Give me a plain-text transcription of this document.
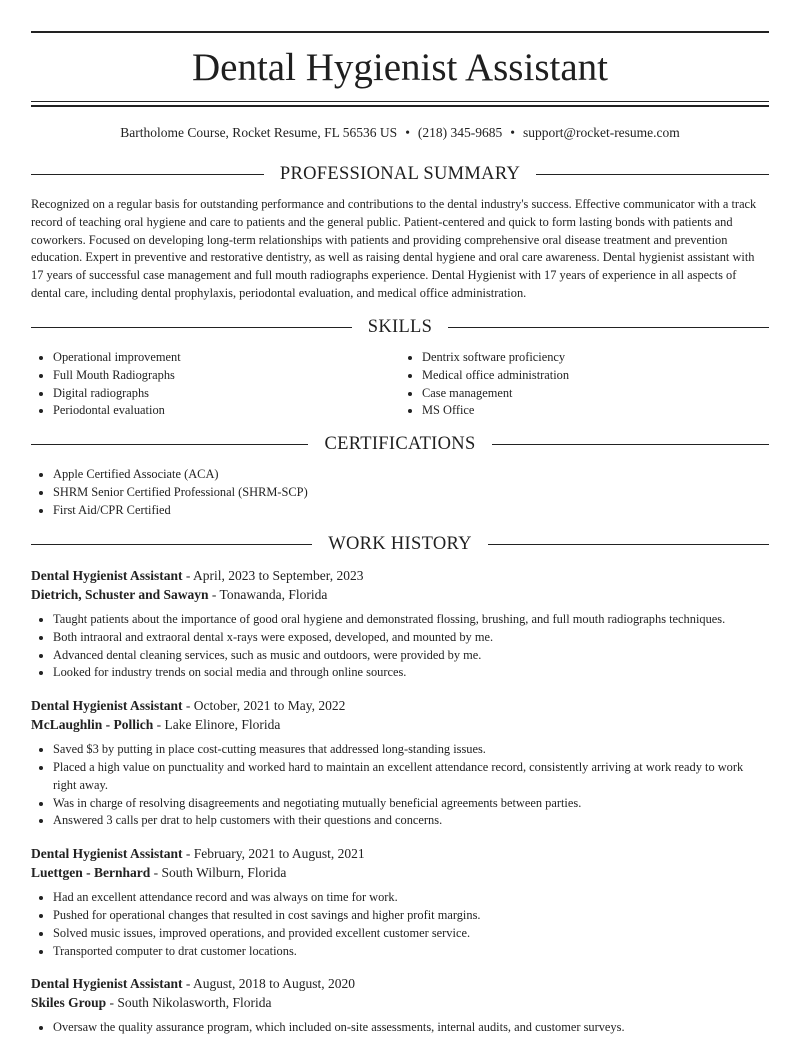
Dental Hygienist Assistant
Bartholome Course, Rocket Resume, FL 56536 US • (218) 345-9685 • support@rocket-resume.com
PROFESSIONAL SUMMARY

Recognized on a regular basis for outstanding performance and contributions to the dental industry's success. Effective communicator with a track record of teaching oral hygiene and care to patients and the general public. Patient-centered and quick to form lasting bonds with patients and coworkers. Focused on developing long-term relationships with patients and providing comprehensive oral disease treatment and prevention education. Expert in preventive and restorative dentistry, as well as raising dental hygiene and oral care awareness. Dental hygienist assistant with 17 years of successful case management and full mouth radiographs experience. Dental Hygienist with 17 years of experience in all aspects of dental care, including dental prophylaxis, periodontal evaluation, and medical office administration.

SKILLS
• Operational improvement
• Full Mouth Radiographs
• Digital radiographs
• Periodontal evaluation
• Dentrix software proficiency
• Medical office administration
• Case management
• MS Office
CERTIFICATIONS
• Apple Certified Associate (ACA)
• SHRM Senior Certified Professional (SHRM-SCP)
• First Aid/CPR Certified
WORK HISTORY
Dental Hygienist Assistant - April, 2023 to September, 2023
Dietrich, Schuster and Sawayn - Tonawanda, Florida
• Taught patients about the importance of good oral hygiene and demonstrated flossing, brushing, and full mouth radiographs techniques.
• Both intraoral and extraoral dental x-rays were exposed, developed, and mounted by me.
• Advanced dental cleaning services, such as music and outdoors, were provided by me.
• Looked for industry trends on social media and through online sources.
Dental Hygienist Assistant - October, 2021 to May, 2022
McLaughlin - Pollich - Lake Elinore, Florida
• Saved $3 by putting in place cost-cutting measures that addressed long-standing issues.
• Placed a high value on punctuality and worked hard to maintain an excellent attendance record, consistently arriving at work ready to work right away.
• Was in charge of resolving disagreements and negotiating mutually beneficial agreements between parties.
• Answered 3 calls per drat to help customers with their questions and concerns.
Dental Hygienist Assistant - February, 2021 to August, 2021
Luettgen - Bernhard - South Wilburn, Florida
• Had an excellent attendance record and was always on time for work.
• Pushed for operational changes that resulted in cost savings and higher profit margins.
• Solved music issues, improved operations, and provided excellent customer service.
• Transported computer to drat customer locations.
Dental Hygienist Assistant - August, 2018 to August, 2020
Skiles Group - South Nikolasworth, Florida
• Oversaw the quality assurance program, which included on-site assessments, internal audits, and customer surveys.
